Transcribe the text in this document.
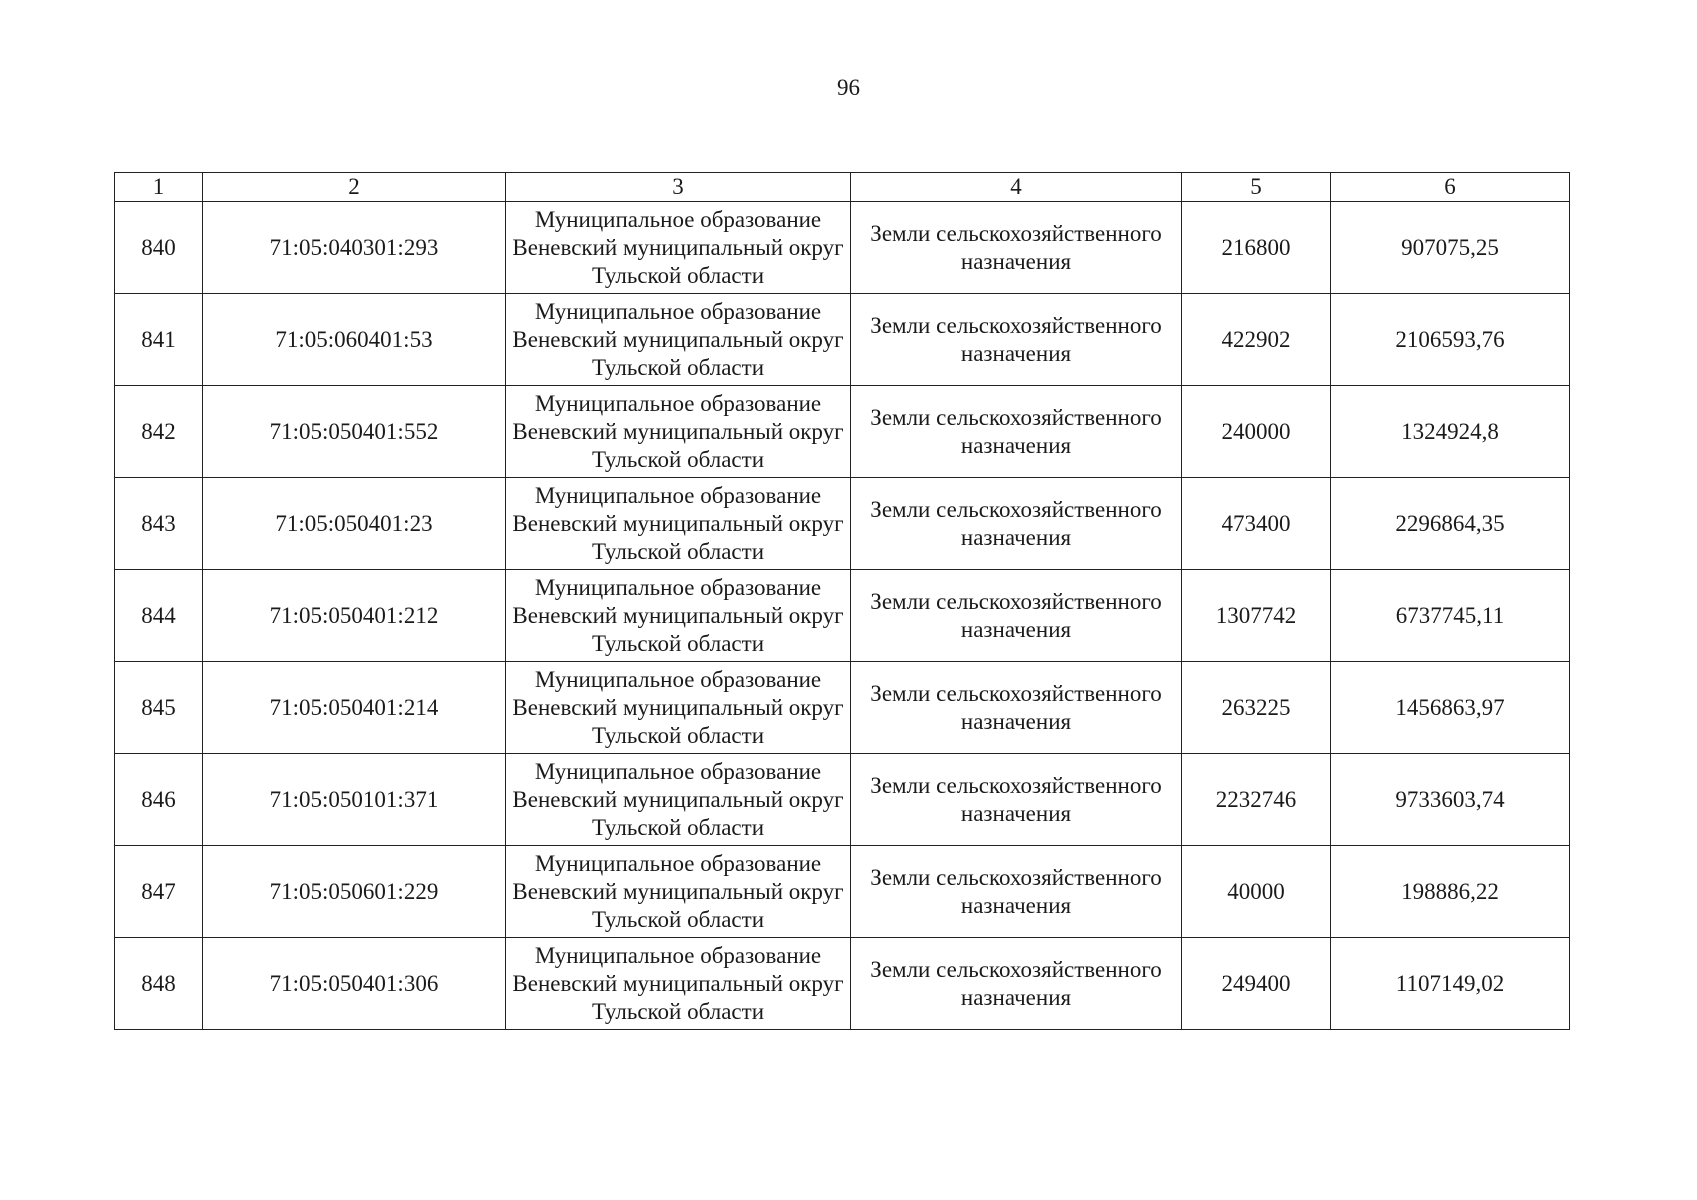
96
1	2	3	4	5	6
840	71:05:040301:293	Муниципальное образование Веневский муниципальный округ Тульской области	Земли сельскохозяйственного назначения	216800	907075,25
841	71:05:060401:53	Муниципальное образование Веневский муниципальный округ Тульской области	Земли сельскохозяйственного назначения	422902	2106593,76
842	71:05:050401:552	Муниципальное образование Веневский муниципальный округ Тульской области	Земли сельскохозяйственного назначения	240000	1324924,8
843	71:05:050401:23	Муниципальное образование Веневский муниципальный округ Тульской области	Земли сельскохозяйственного назначения	473400	2296864,35
844	71:05:050401:212	Муниципальное образование Веневский муниципальный округ Тульской области	Земли сельскохозяйственного назначения	1307742	6737745,11
845	71:05:050401:214	Муниципальное образование Веневский муниципальный округ Тульской области	Земли сельскохозяйственного назначения	263225	1456863,97
846	71:05:050101:371	Муниципальное образование Веневский муниципальный округ Тульской области	Земли сельскохозяйственного назначения	2232746	9733603,74
847	71:05:050601:229	Муниципальное образование Веневский муниципальный округ Тульской области	Земли сельскохозяйственного назначения	40000	198886,22
848	71:05:050401:306	Муниципальное образование Веневский муниципальный округ Тульской области	Земли сельскохозяйственного назначения	249400	1107149,02
